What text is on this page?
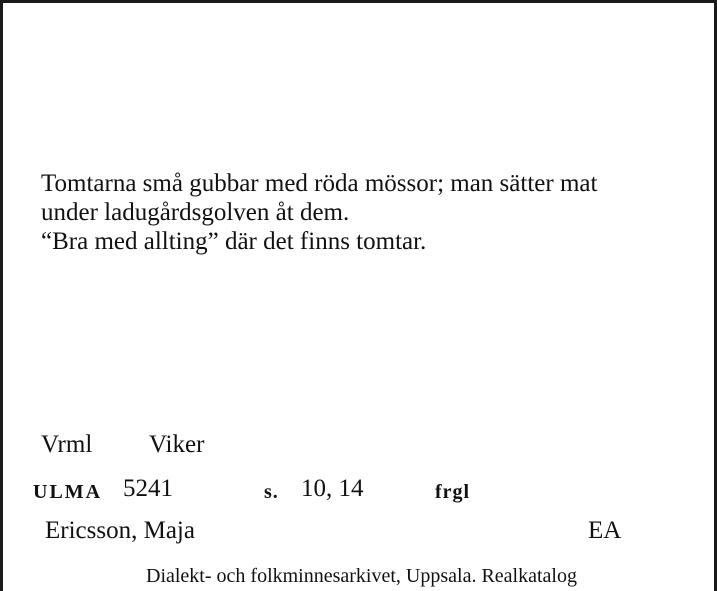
Tomtarna små gubbar med röda mössor; man sätter mat
under ladugårdsgolven åt dem.
“Bra med allting” där det finns tomtar.
Vrml Viker
ULMA 5241	s. 10, 14	frgl
Ericsson, Maja	EA
Dialekt- och folkminnesarkivet, Uppsala. Realkatalog
